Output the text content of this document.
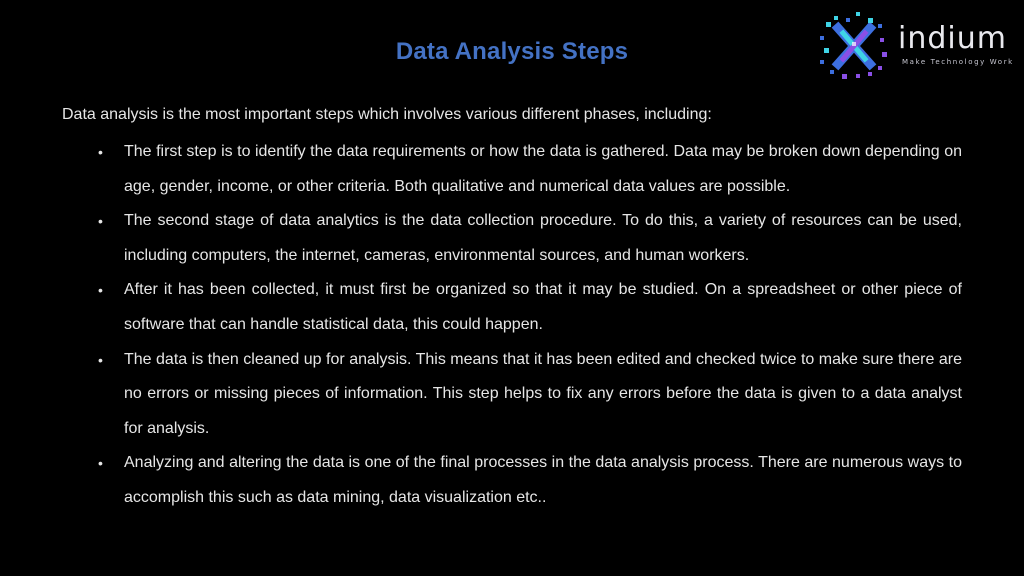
Data Analysis Steps	indium
Make Technology Work
Data analysis is the most important steps which involves various different phases, including:
• The first step is to identify the data requirements or how the data is gathered. Data may be broken down depending on age, gender, income, or other criteria. Both qualitative and numerical data values are possible.
• The second stage of data analytics is the data collection procedure. To do this, a variety of resources can be used, including computers, the internet, cameras, environmental sources, and human workers.
• After it has been collected, it must first be organized so that it may be studied. On a spreadsheet or other piece of software that can handle statistical data, this could happen.
• The data is then cleaned up for analysis. This means that it has been edited and checked twice to make sure there are no errors or missing pieces of information. This step helps to fix any errors before the data is given to a data analyst for analysis.
• Analyzing and altering the data is one of the final processes in the data analysis process. There are numerous ways to accomplish this such as data mining, data visualization etc..
